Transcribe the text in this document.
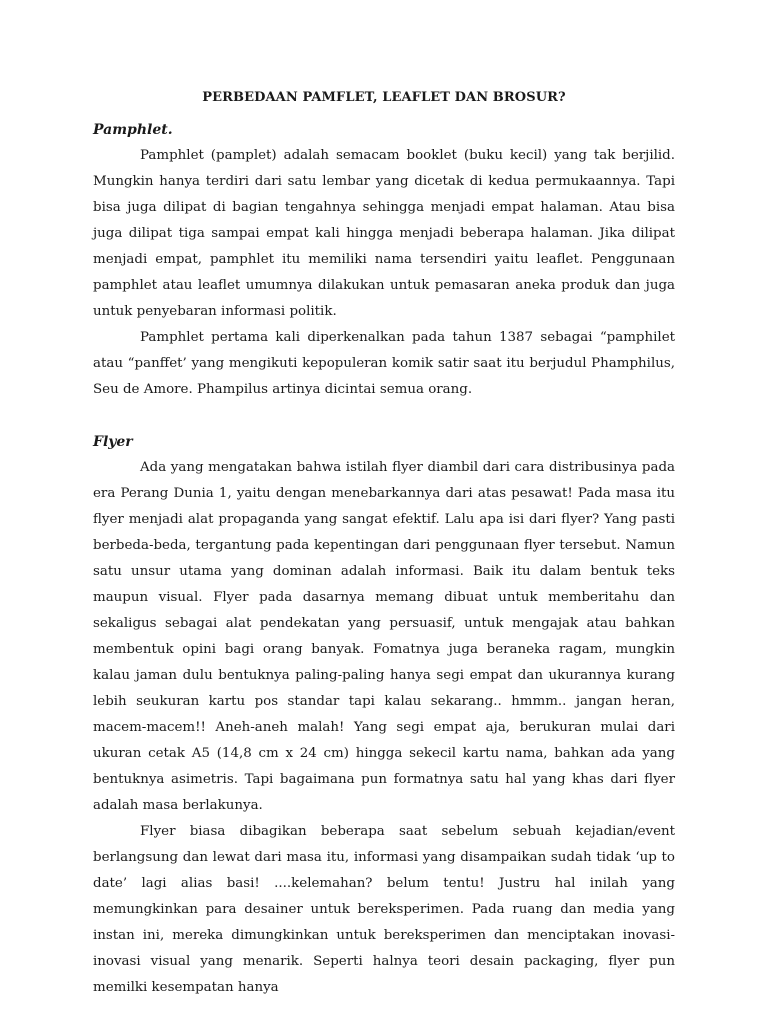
PERBEDAAN PAMFLET, LEAFLET DAN BROSUR?
Pamphlet.

Pamphlet (pamplet) adalah semacam booklet (buku kecil) yang tak berjilid. Mungkin hanya terdiri dari satu lembar yang dicetak di kedua permukaannya. Tapi bisa juga dilipat di bagian tengahnya sehingga menjadi empat halaman. Atau bisa juga dilipat tiga sampai empat kali hingga menjadi beberapa halaman. Jika dilipat menjadi empat, pamphlet itu memiliki nama tersendiri yaitu leaflet. Penggunaan pamphlet atau leaflet umumnya dilakukan untuk pemasaran aneka produk dan juga untuk penyebaran informasi politik.

Pamphlet pertama kali diperkenalkan pada tahun 1387 sebagai “pamphilet atau “panffet’ yang mengikuti kepopuleran komik satir saat itu berjudul Phamphilus, Seu de Amore. Phampilus artinya dicintai semua orang.

Flyer

Ada yang mengatakan bahwa istilah flyer diambil dari cara distribusinya pada era Perang Dunia 1, yaitu dengan menebarkannya dari atas pesawat! Pada masa itu flyer menjadi alat propaganda yang sangat efektif. Lalu apa isi dari flyer? Yang pasti berbeda-beda, tergantung pada kepentingan dari penggunaan flyer tersebut. Namun satu unsur utama yang dominan adalah informasi. Baik itu dalam bentuk teks maupun visual. Flyer pada dasarnya memang dibuat untuk memberitahu dan sekaligus sebagai alat pendekatan yang persuasif, untuk mengajak atau bahkan membentuk opini bagi orang banyak. Fomatnya juga beraneka ragam, mungkin kalau jaman dulu bentuknya paling-paling hanya segi empat dan ukurannya kurang lebih seukuran kartu pos standar tapi kalau sekarang.. hmmm.. jangan heran, macem-macem!! Aneh-aneh malah! Yang segi empat aja, berukuran mulai dari ukuran cetak A5 (14,8 cm x 24 cm) hingga sekecil kartu nama, bahkan ada yang bentuknya asimetris. Tapi bagaimana pun formatnya satu hal yang khas dari flyer adalah masa berlakunya.

Flyer biasa dibagikan beberapa saat sebelum sebuah kejadian/event berlangsung dan lewat dari masa itu, informasi yang disampaikan sudah tidak ‘up to date’ lagi alias basi! ....kelemahan? belum tentu! Justru hal inilah yang memungkinkan para desainer untuk bereksperimen. Pada ruang dan media yang instan ini, mereka dimungkinkan untuk bereksperimen dan menciptakan inovasi-inovasi visual yang menarik. Seperti halnya teori desain packaging, flyer pun memilki kesempatan hanya
